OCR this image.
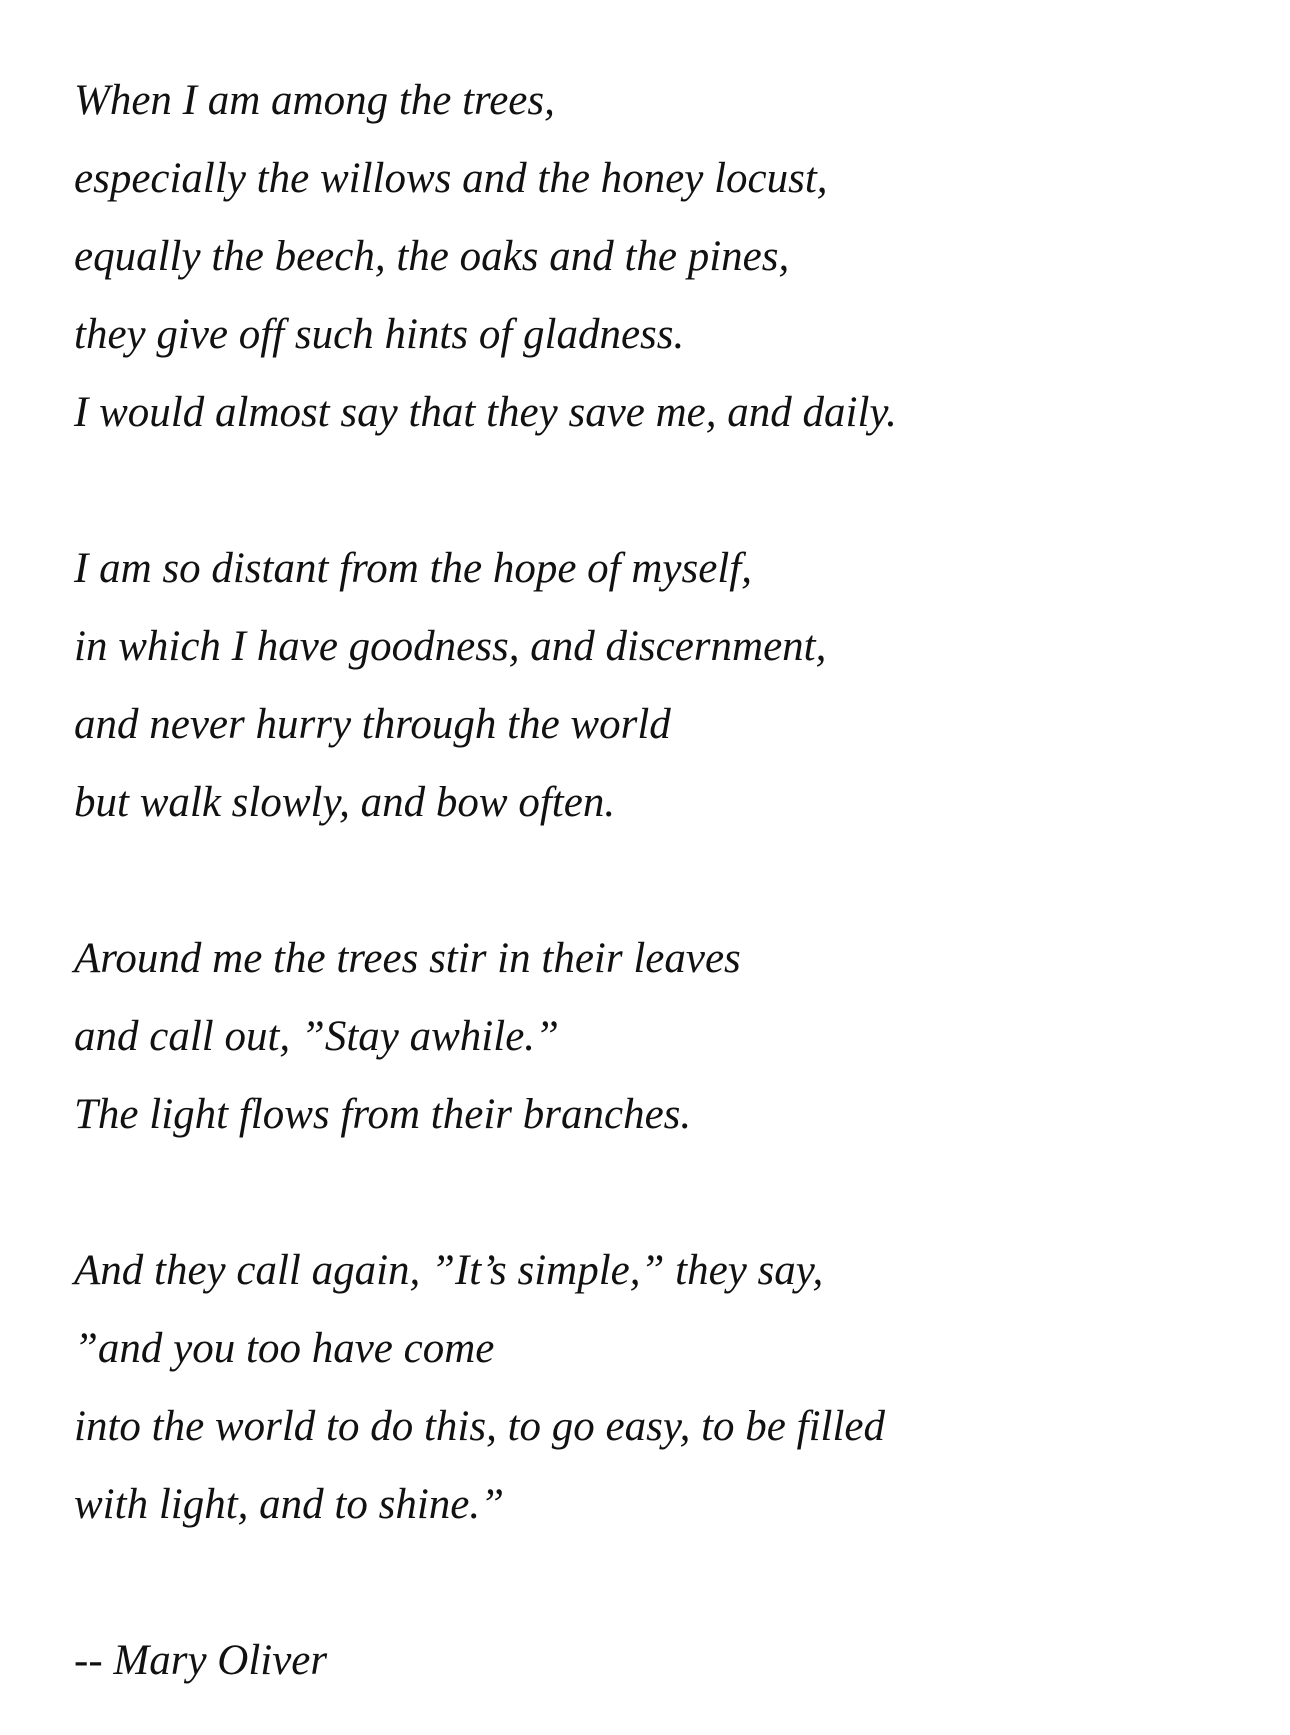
When I am among the trees,
especially the willows and the honey locust,
equally the beech, the oaks and the pines,
they give off such hints of gladness.
I would almost say that they save me, and daily.
I am so distant from the hope of myself,
in which I have goodness, and discernment,
and never hurry through the world
but walk slowly, and bow often.
Around me the trees stir in their leaves
and call out, ”Stay awhile.”
The light flows from their branches.
And they call again, ”It’s simple,” they say,
”and you too have come
into the world to do this, to go easy, to be filled
with light, and to shine.”
-- Mary Oliver
